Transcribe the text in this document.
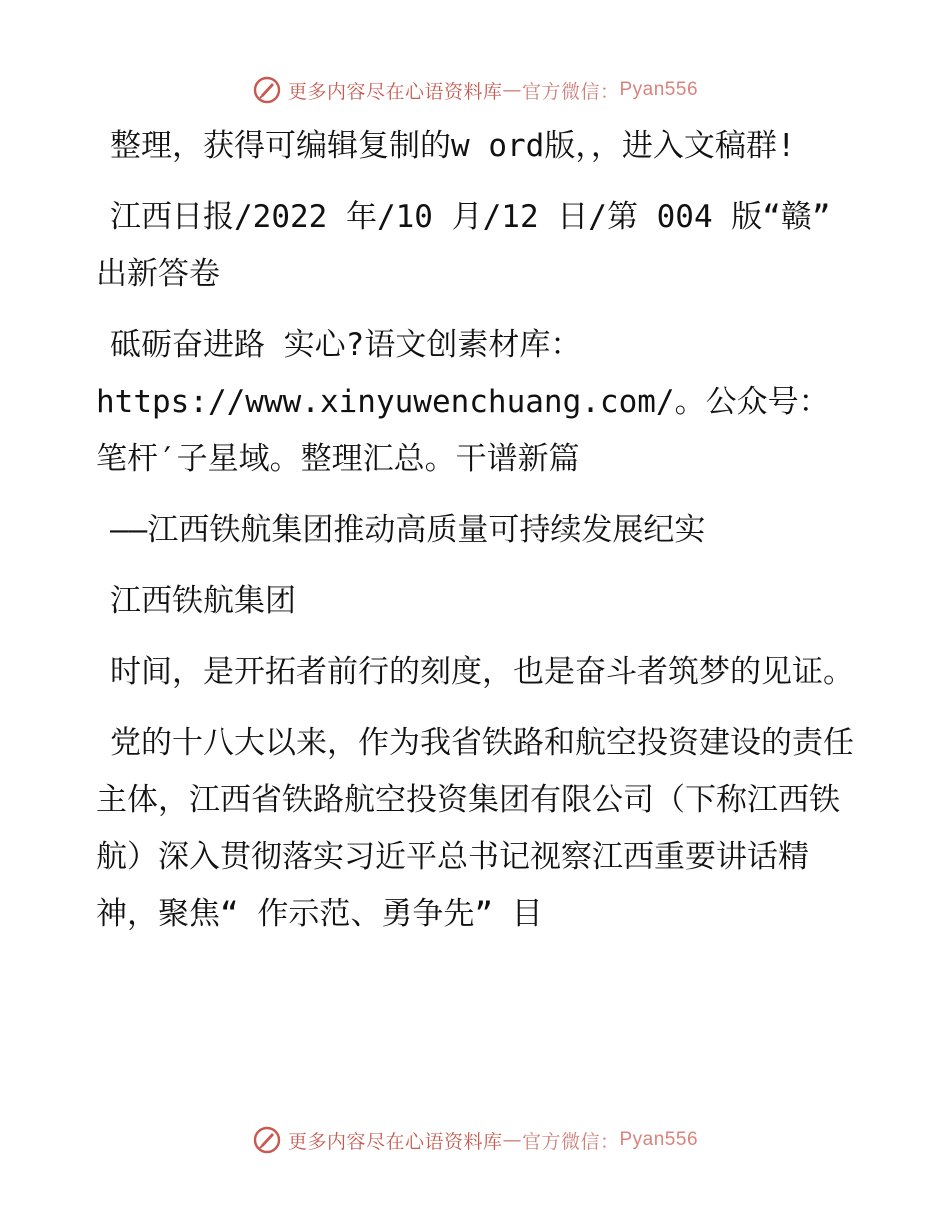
更多内容尽在心语资料库 — 官方微信： Pyan556

整理，获得可编辑复制的w ord版，，进入文稿群!

江西日报/2022 年/10 月/12 日/第 004 版“赣” 出新答卷

砥砺奋进路 实心?语文创素材库：https://www.xinyuwenchuang.com/。公众号：笔杆′子星域。整理汇总。干谱新篇

——江西铁航集团推动高质量可持续发展纪实

江西铁航集团

时间，是开拓者前行的刻度，也是奋斗者筑梦的见证。

党的十八大以来，作为我省铁路和航空投资建设的责任主体，江西省铁路航空投资集团有限公司（下称江西铁航）深入贯彻落实习近平总书记视察江西重要讲话精神，聚焦“ 作示范、勇争先” 目

更多内容尽在心语资料库 — 官方微信： Pyan556
